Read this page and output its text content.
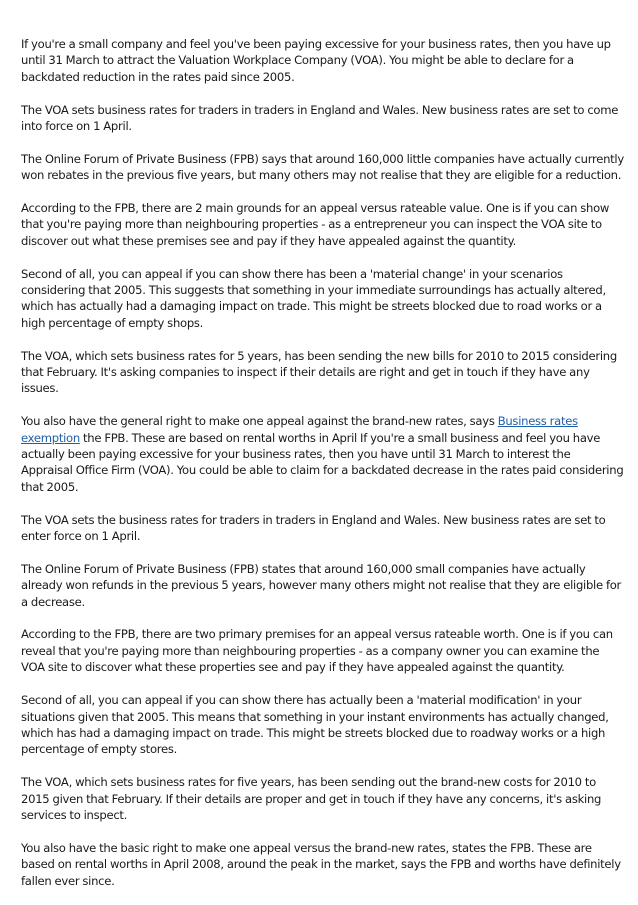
If you're a small company and feel you've been paying excessive for your business rates, then you have up until 31 March to attract the Valuation Workplace Company (VOA). You might be able to declare for a backdated reduction in the rates paid since 2005.

The VOA sets business rates for traders in traders in England and Wales. New business rates are set to come into force on 1 April.

The Online Forum of Private Business (FPB) says that around 160,000 little companies have actually currently won rebates in the previous five years, but many others may not realise that they are eligible for a reduction.

According to the FPB, there are 2 main grounds for an appeal versus rateable value. One is if you can show that you're paying more than neighbouring properties - as a entrepreneur you can inspect the VOA site to discover out what these premises see and pay if they have appealed against the quantity.

Second of all, you can appeal if you can show there has been a 'material change' in your scenarios considering that 2005. This suggests that something in your immediate surroundings has actually altered, which has actually had a damaging impact on trade. This might be streets blocked due to road works or a high percentage of empty shops.

The VOA, which sets business rates for 5 years, has been sending the new bills for 2010 to 2015 considering that February. It's asking companies to inspect if their details are right and get in touch if they have any issues.

You also have the general right to make one appeal against the brand-new rates, says Business rates exemption the FPB. These are based on rental worths in April If you're a small business and feel you have actually been paying excessive for your business rates, then you have until 31 March to interest the Appraisal Office Firm (VOA). You could be able to claim for a backdated decrease in the rates paid considering that 2005.

The VOA sets the business rates for traders in traders in England and Wales. New business rates are set to enter force on 1 April.

The Online Forum of Private Business (FPB) states that around 160,000 small companies have actually already won refunds in the previous 5 years, however many others might not realise that they are eligible for a decrease.

According to the FPB, there are two primary premises for an appeal versus rateable worth. One is if you can reveal that you're paying more than neighbouring properties - as a company owner you can examine the VOA site to discover what these properties see and pay if they have appealed against the quantity.

Second of all, you can appeal if you can show there has actually been a 'material modification' in your situations given that 2005. This means that something in your instant environments has actually changed, which has had a damaging impact on trade. This might be streets blocked due to roadway works or a high percentage of empty stores.

The VOA, which sets business rates for five years, has been sending out the brand-new costs for 2010 to 2015 given that February. If their details are proper and get in touch if they have any concerns, it's asking services to inspect.

You also have the basic right to make one appeal versus the brand-new rates, states the FPB. These are based on rental worths in April 2008, around the peak in the market, says the FPB and worths have definitely fallen ever since.
